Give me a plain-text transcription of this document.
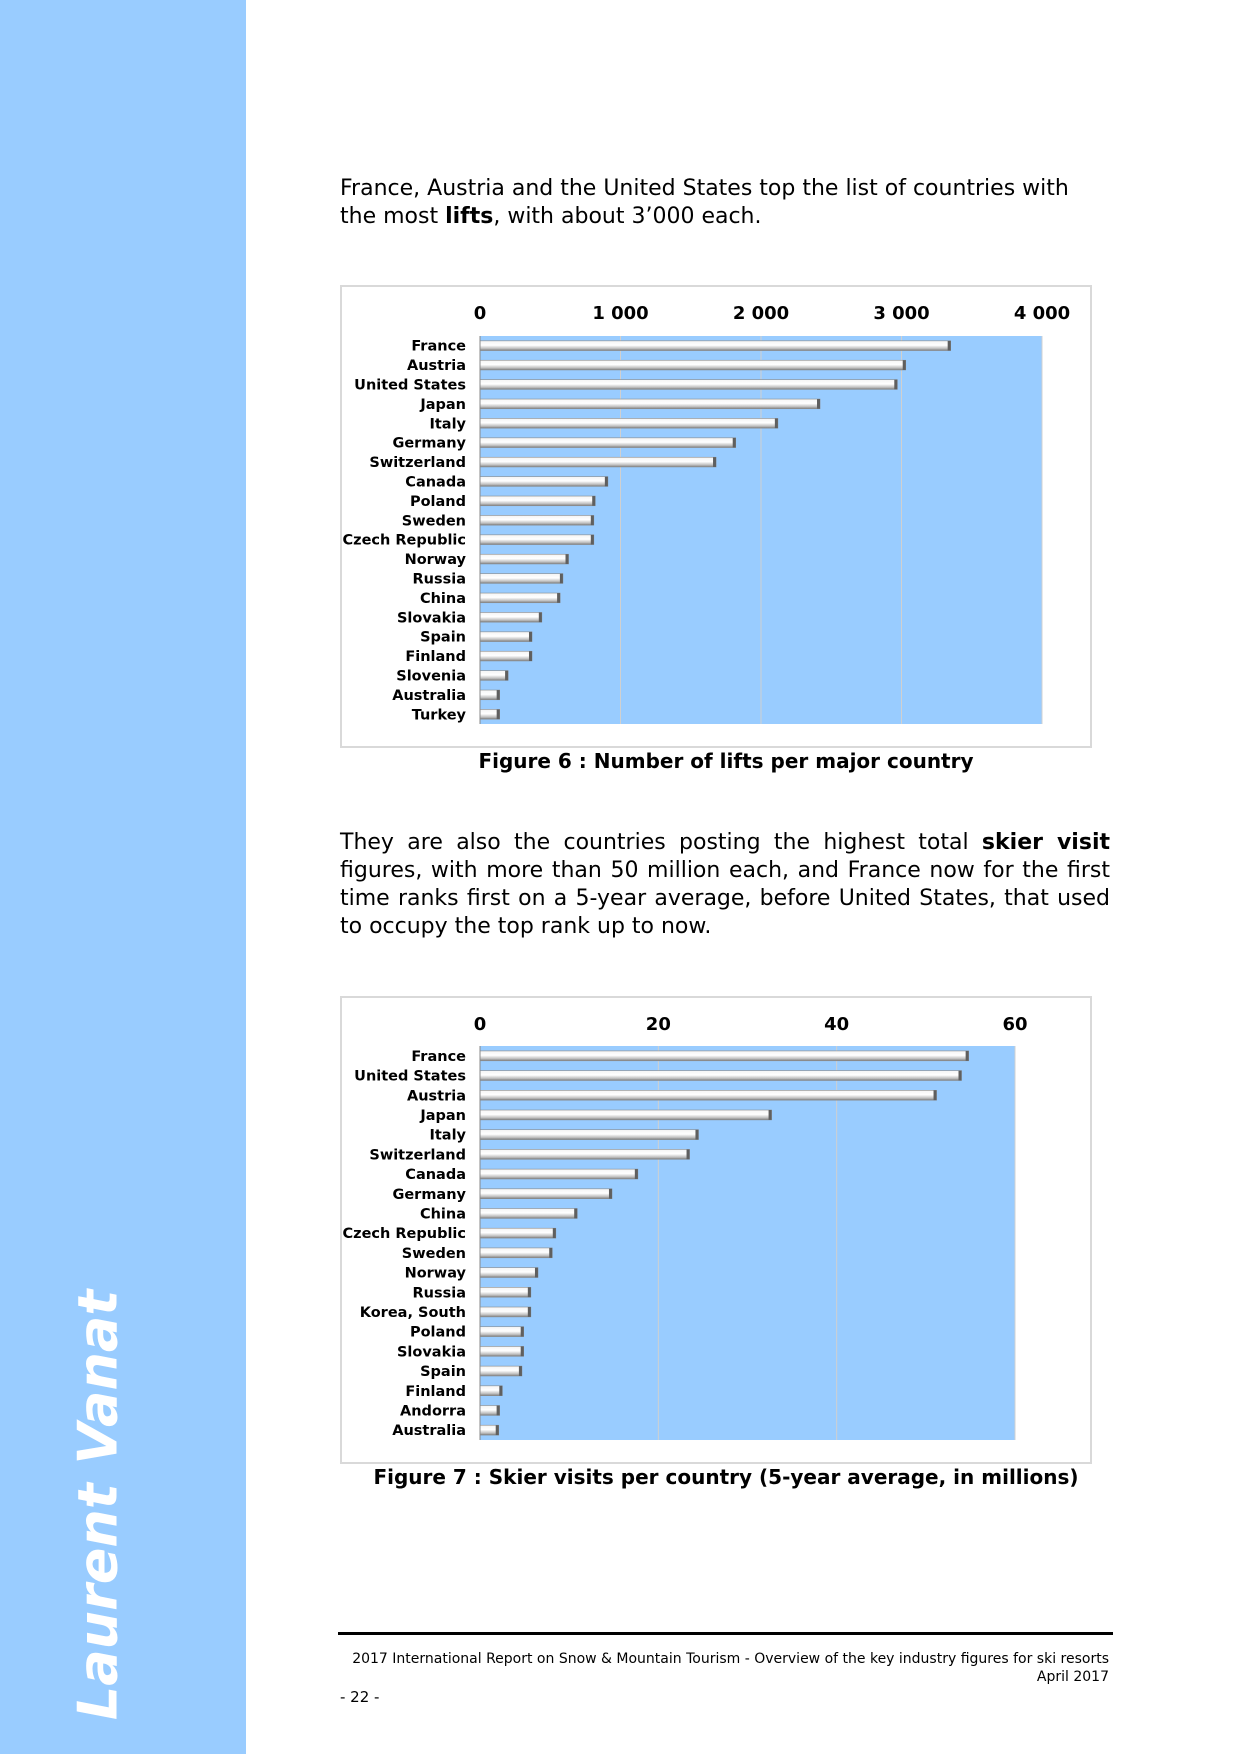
Laurent Vanat
France, Austria and the United States top the list of countries with the most lifts, with about 3’000 each.
0	1 000	2 000	3 000	4 000
France
Austria
United States
Japan
Italy
Germany
Switzerland
Canada
Poland
Sweden
Czech Republic
Norway
Russia
China
Slovakia
Spain
Finland
Slovenia
Australia
Turkey
Figure 6 : Number of lifts per major country
They are also the countries posting the highest total skier visit figures, with more than 50 million each, and France now for the first time ranks first on a 5-year average, before United States, that used to occupy the top rank up to now.
0	20	40	60
France
United States
Austria
Japan
Italy
Switzerland
Canada
Germany
China
Czech Republic
Sweden
Norway
Russia
Korea, South
Poland
Slovakia
Spain
Finland
Andorra
Australia
Figure 7 : Skier visits per country (5-year average, in millions)
2017 International Report on Snow & Mountain Tourism - Overview of the key industry figures for ski resorts
April 2017
- 22 -
